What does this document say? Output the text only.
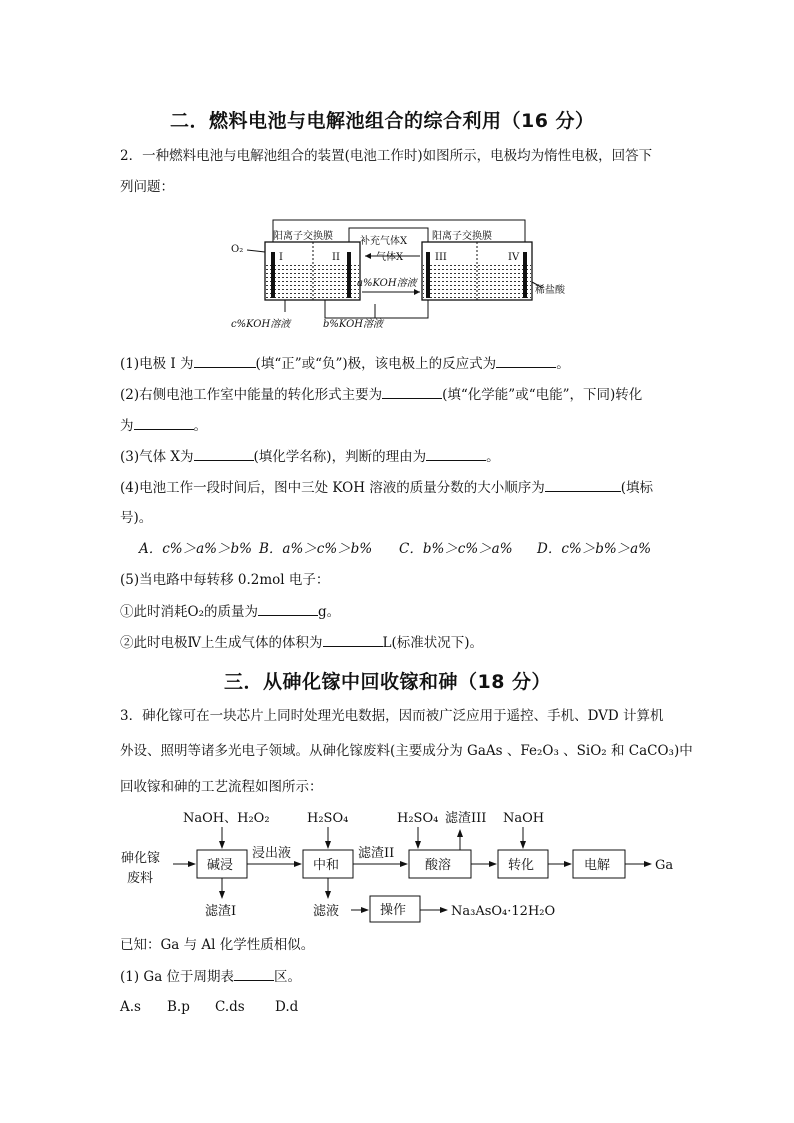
二．燃料电池与电解池组合的综合利用（16 分）
2．一种燃料电池与电解池组合的装置(电池工作时)如图所示，电极均为惰性电极，回答下
列问题：
O₂
I	II
阳离子交换膜
III	IV
阳离子交换膜
补充气体X
气体X
a%KOH溶液
稀盐酸
c%KOH溶液	b%KOH溶液
(1)电极 I 为	(填“正”或“负”)极，该电极上的反应式为	。
(2)右侧电池工作室中能量的转化形式主要为	(填“化学能”或“电能”，下同)转化
为	。
(3)气体 X为	(填化学名称)，判断的理由为	。
(4)电池工作一段时间后，图中三处 KOH 溶液的质量分数的大小顺序为	(填标
号)。
A．c%＞a%＞b% B．a%＞c%＞b% C．b%＞c%＞a% D．c%＞b%＞a%
(5)当电路中每转移 0.2mol 电子：
①此时消耗O₂的质量为	g。
②此时电极Ⅳ上生成气体的体积为	L(标准状况下)。
三．从砷化镓中回收镓和砷（18 分）
3．砷化镓可在一块芯片上同时处理光电数据，因而被广泛应用于遥控、手机、DVD 计算机
外设、照明等诸多光电子领域。从砷化镓废料(主要成分为 GaAs 、Fe₂O₃ 、SiO₂ 和 CaCO₃)中
回收镓和砷的工艺流程如图所示：
NaOH、H₂O₂	H₂SO₄	H₂SO₄ 滤渣III NaOH
砷化镓
废料
碱浸
浸出液
中和
滤渣II
酸溶	转化	电解	Ga
滤渣I	滤液	操作	Na₃AsO₄·12H₂O
已知：Ga 与 Al 化学性质相似。
(1) Ga 位于周期表	区。
A.s B.p C.ds D.d
